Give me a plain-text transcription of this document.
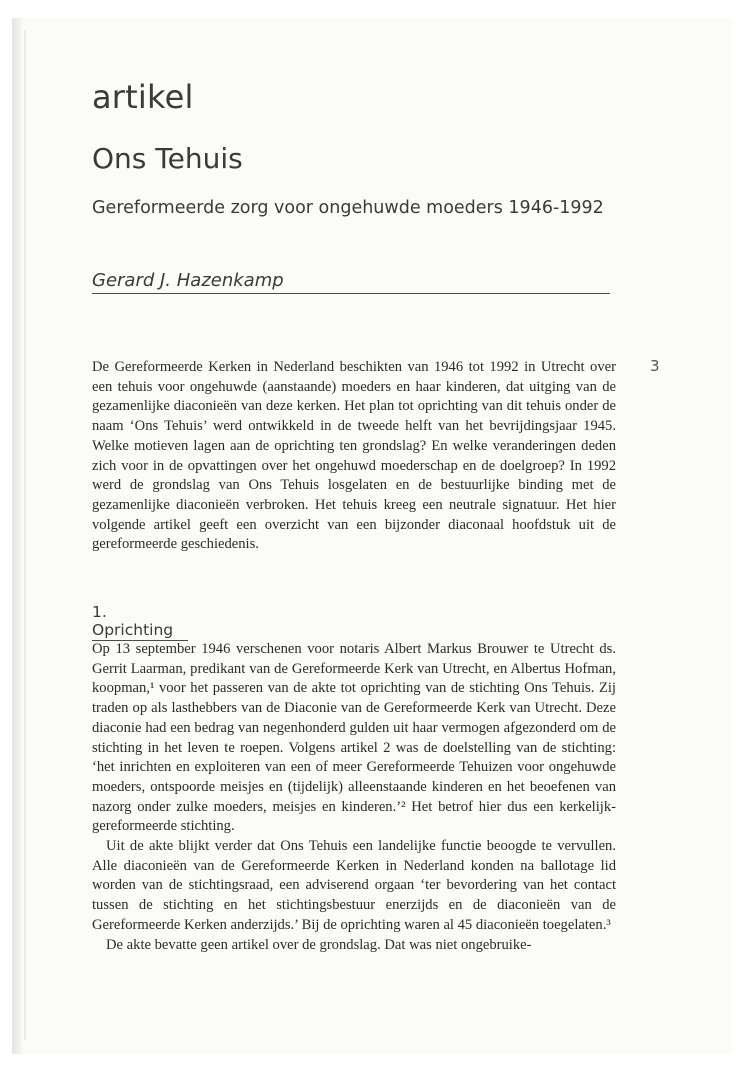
artikel
Ons Tehuis
Gereformeerde zorg voor ongehuwde moeders 1946-1992
Gerard J. Hazenkamp
3

De Gereformeerde Kerken in Nederland beschikten van 1946 tot 1992 in Utrecht over een tehuis voor ongehuwde (aanstaande) moeders en haar kinderen, dat uitging van de gezamenlijke diaconieën van deze kerken. Het plan tot oprichting van dit tehuis onder de naam ‘Ons Tehuis’ werd ontwikkeld in de tweede helft van het bevrijdingsjaar 1945. Welke motieven lagen aan de oprichting ten grondslag? En welke veranderingen deden zich voor in de opvattingen over het ongehuwd moederschap en de doelgroep? In 1992 werd de grondslag van Ons Tehuis losgelaten en de bestuurlijke binding met de gezamenlijke diaconieën verbroken. Het tehuis kreeg een neutrale signatuur. Het hier volgende artikel geeft een overzicht van een bijzonder diaconaal hoofdstuk uit de gereformeerde geschiedenis.

1. Oprichting

Op 13 september 1946 verschenen voor notaris Albert Markus Brouwer te Utrecht ds. Gerrit Laarman, predikant van de Gereformeerde Kerk van Utrecht, en Albertus Hofman, koopman,¹ voor het passeren van de akte tot oprichting van de stichting Ons Tehuis. Zij traden op als lasthebbers van de Diaconie van de Gereformeerde Kerk van Utrecht. Deze diaconie had een bedrag van negenhonderd gulden uit haar vermogen afgezonderd om de stichting in het leven te roepen. Volgens artikel 2 was de doelstelling van de stichting: ‘het inrichten en exploiteren van een of meer Gereformeerde Tehuizen voor ongehuwde moeders, ontspoorde meisjes en (tijdelijk) alleenstaande kinderen en het beoefenen van nazorg onder zulke moeders, meisjes en kinderen.’² Het betrof hier dus een kerkelijk-gereformeerde stichting.

Uit de akte blijkt verder dat Ons Tehuis een landelijke functie beoogde te vervullen. Alle diaconieën van de Gereformeerde Kerken in Nederland konden na ballotage lid worden van de stichtingsraad, een adviserend orgaan ‘ter bevordering van het contact tussen de stichting en het stichtingsbestuur enerzijds en de diaconieën van de Gereformeerde Kerken anderzijds.’ Bij de oprichting waren al 45 diaconieën toegelaten.³

De akte bevatte geen artikel over de grondslag. Dat was niet ongebruike-
